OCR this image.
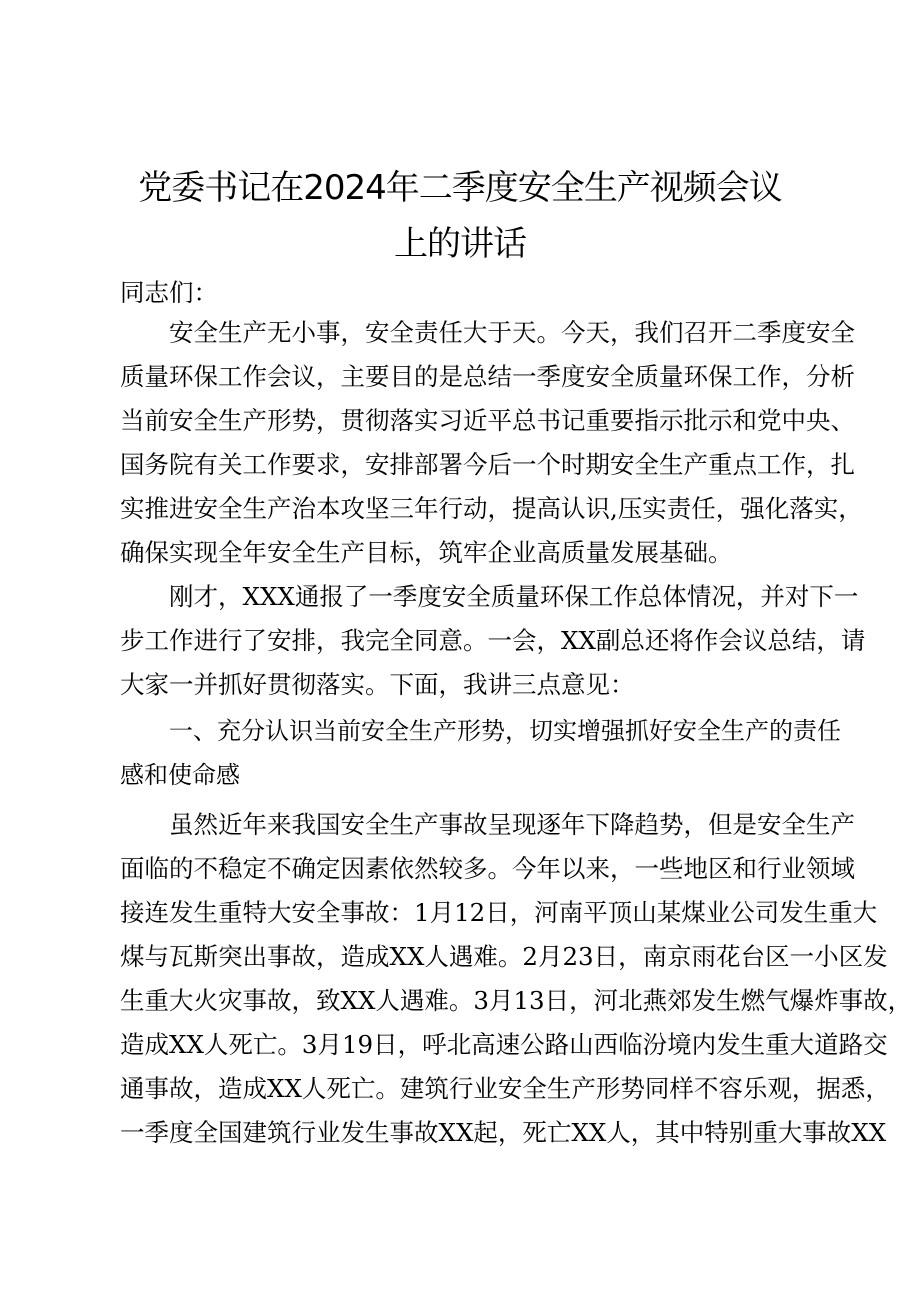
党委书记在2024年二季度安全生产视频会议
上的讲话
同志们：
安全生产无小事，安全责任大于天。今天，我们召开二季度安全
质量环保工作会议，主要目的是总结一季度安全质量环保工作，分析
当前安全生产形势，贯彻落实习近平总书记重要指示批示和党中央、
国务院有关工作要求，安排部署今后一个时期安全生产重点工作，扎
实推进安全生产治本攻坚三年行动，提高认识,压实责任，强化落实，
确保实现全年安全生产目标，筑牢企业高质量发展基础。
刚才，XXX通报了一季度安全质量环保工作总体情况，并对下一
步工作进行了安排，我完全同意。一会，XX副总还将作会议总结，请
大家一并抓好贯彻落实。下面，我讲三点意见：
一、充分认识当前安全生产形势，切实增强抓好安全生产的责任
感和使命感
虽然近年来我国安全生产事故呈现逐年下降趋势，但是安全生产
面临的不稳定不确定因素依然较多。今年以来，一些地区和行业领域
接连发生重特大安全事故：1月12日，河南平顶山某煤业公司发生重大
煤与瓦斯突出事故，造成XX人遇难。2月23日，南京雨花台区一小区发
生重大火灾事故，致XX人遇难。3月13日，河北燕郊发生燃气爆炸事故，
造成XX人死亡。3月19日，呼北高速公路山西临汾境内发生重大道路交
通事故，造成XX人死亡。建筑行业安全生产形势同样不容乐观，据悉，
一季度全国建筑行业发生事故XX起，死亡XX人，其中特别重大事故XX
